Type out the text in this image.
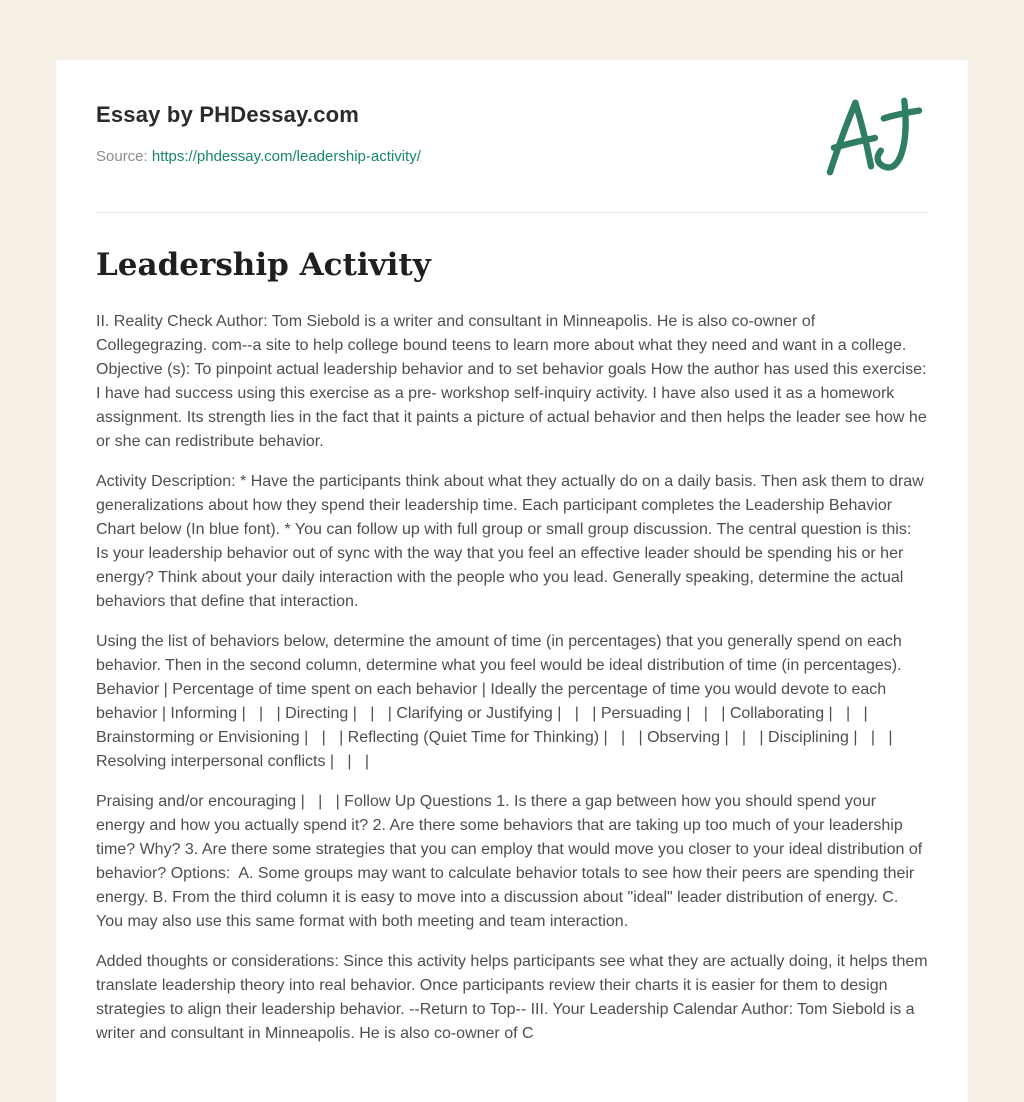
Essay by PHDessay.com
Source: https://phdessay.com/leadership-activity/
Leadership Activity

II. Reality Check Author: Tom Siebold is a writer and consultant in Minneapolis. He is also co-owner of Collegegrazing. com--a site to help college bound teens to learn more about what they need and want in a college. Objective (s): To pinpoint actual leadership behavior and to set behavior goals How the author has used this exercise:  I have had success using this exercise as a pre- workshop self-inquiry activity. I have also used it as a homework assignment. Its strength lies in the fact that it paints a picture of actual behavior and then helps the leader see how he or she can redistribute behavior.

Activity Description: * Have the participants think about what they actually do on a daily basis. Then ask them to draw generalizations about how they spend their leadership time. Each participant completes the Leadership Behavior Chart below (In blue font). * You can follow up with full group or small group discussion. The central question is this: Is your leadership behavior out of sync with the way that you feel an effective leader should be spending his or her energy? Think about your daily interaction with the people who you lead. Generally speaking, determine the actual behaviors that define that interaction.

Using the list of behaviors below, determine the amount of time (in percentages) that you generally spend on each behavior. Then in the second column, determine what you feel would be ideal distribution of time (in percentages). Behavior | Percentage of time spent on each behavior | Ideally the percentage of time you would devote to each behavior | Informing |   |   | Directing |   |   | Clarifying or Justifying |   |   | Persuading |   |   | Collaborating |   |   | Brainstorming or Envisioning |   |   | Reflecting (Quiet Time for Thinking) |   |   | Observing |   |   | Disciplining |   |   | Resolving interpersonal conflicts |   |   |

Praising and/or encouraging |   |   | Follow Up Questions 1. Is there a gap between how you should spend your energy and how you actually spend it? 2. Are there some behaviors that are taking up too much of your leadership time? Why? 3. Are there some strategies that you can employ that would move you closer to your ideal distribution of behavior? Options:  A. Some groups may want to calculate behavior totals to see how their peers are spending their energy. B. From the third column it is easy to move into a discussion about "ideal" leader distribution of energy. C. You may also use this same format with both meeting and team interaction.

Added thoughts or considerations: Since this activity helps participants see what they are actually doing, it helps them translate leadership theory into real behavior. Once participants review their charts it is easier for them to design strategies to align their leadership behavior. --Return to Top-- III. Your Leadership Calendar Author: Tom Siebold is a writer and consultant in Minneapolis. He is also co-owner of C
